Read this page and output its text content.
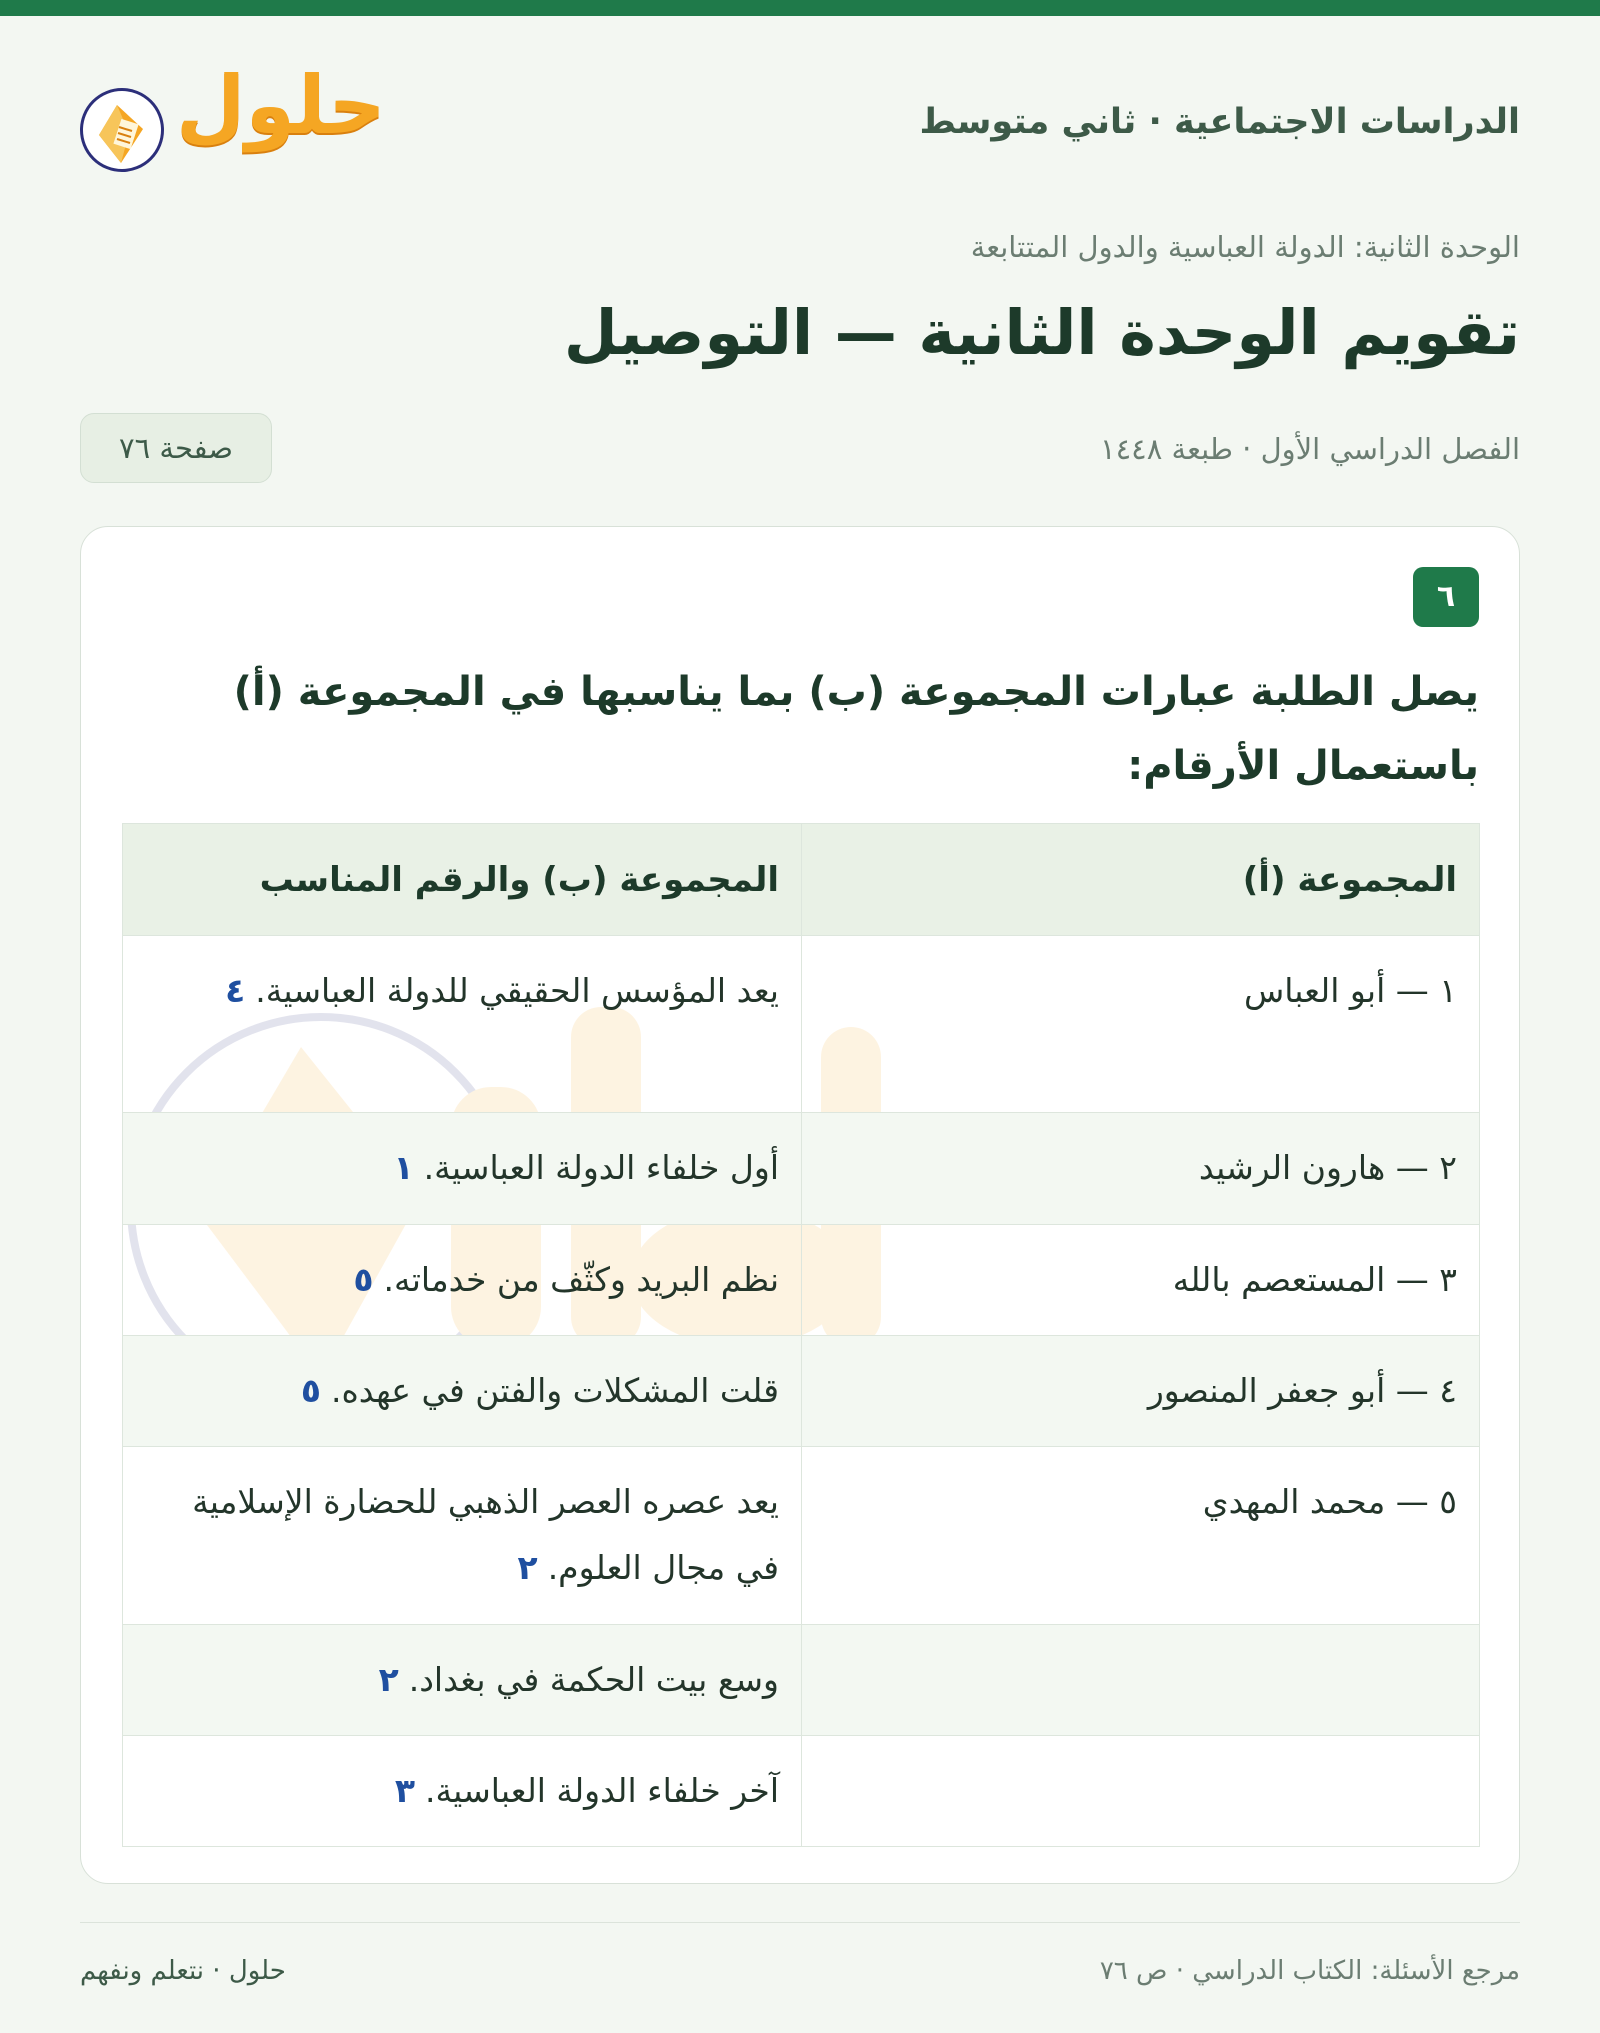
الدراسات الاجتماعية · ثاني متوسط
حلول
الوحدة الثانية: الدولة العباسية والدول المتتابعة
تقويم الوحدة الثانية — التوصيل
الفصل الدراسي الأول · طبعة ١٤٤٨
صفحة ٧٦
٦
يصل الطلبة عبارات المجموعة (ب) بما يناسبها في المجموعة (أ) باستعمال الأرقام:
المجموعة (أ)	المجموعة (ب) والرقم المناسب
١ — أبو العباس	يعد المؤسس الحقيقي للدولة العباسية.٤
٢ — هارون الرشيد	أول خلفاء الدولة العباسية.١
٣ — المستعصم بالله	نظم البريد وكثّف من خدماته.٥
٤ — أبو جعفر المنصور	قلت المشكلات والفتن في عهده.٥
٥ — محمد المهدي	يعد عصره العصر الذهبي للحضارة الإسلامية في مجال العلوم.٢
	وسع بيت الحكمة في بغداد.٢
	آخر خلفاء الدولة العباسية.٣
مرجع الأسئلة: الكتاب الدراسي · ص ٧٦
حلول · نتعلم ونفهم
